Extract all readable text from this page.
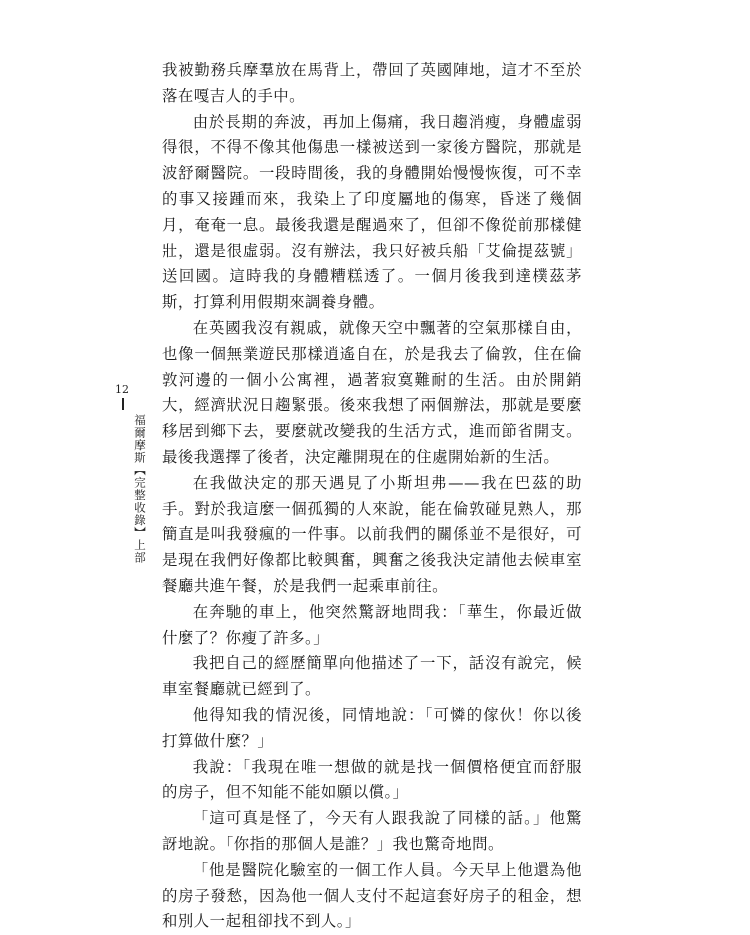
我被勤務兵摩羣放在馬背上，帶回了英國陣地，這才不至於落在嘎吉人的手中。

由於長期的奔波，再加上傷痛，我日趨消瘦，身體虛弱得很，不得不像其他傷患一樣被送到一家後方醫院，那就是波舒爾醫院。一段時間後，我的身體開始慢慢恢復，可不幸的事又接踵而來，我染上了印度屬地的傷寒，昏迷了幾個月，奄奄一息。最後我還是醒過來了，但卻不像從前那樣健壯，還是很虛弱。沒有辦法，我只好被兵船「艾倫提茲號」送回國。這時我的身體糟糕透了。一個月後我到達樸茲茅斯，打算利用假期來調養身體。

在英國我沒有親戚，就像天空中飄著的空氣那樣自由，也像一個無業遊民那樣逍遙自在，於是我去了倫敦，住在倫敦河邊的一個小公寓裡，過著寂寞難耐的生活。由於開銷大，經濟狀況日趨緊張。後來我想了兩個辦法，那就是要麼移居到鄉下去，要麼就改變我的生活方式，進而節省開支。最後我選擇了後者，決定離開現在的住處開始新的生活。

在我做決定的那天遇見了小斯坦弗——我在巴茲的助手。對於我這麼一個孤獨的人來說，能在倫敦碰見熟人，那簡直是叫我發瘋的一件事。以前我們的關係並不是很好，可是現在我們好像都比較興奮，興奮之後我決定請他去候車室餐廳共進午餐，於是我們一起乘車前往。

在奔馳的車上，他突然驚訝地問我：「華生，你最近做什麼了？你瘦了許多。」

我把自己的經歷簡單向他描述了一下，話沒有說完，候車室餐廳就已經到了。

他得知我的情況後，同情地說：「可憐的傢伙！你以後打算做什麼？」

我說：「我現在唯一想做的就是找一個價格便宜而舒服的房子，但不知能不能如願以償。」

「這可真是怪了，今天有人跟我說了同樣的話。」他驚訝地說。「你指的那個人是誰？」我也驚奇地問。

「他是醫院化驗室的一個工作人員。今天早上他還為他的房子發愁，因為他一個人支付不起這套好房子的租金，想和別人一起租卻找不到人。」

12
福爾摩斯【完整收錄】上部
